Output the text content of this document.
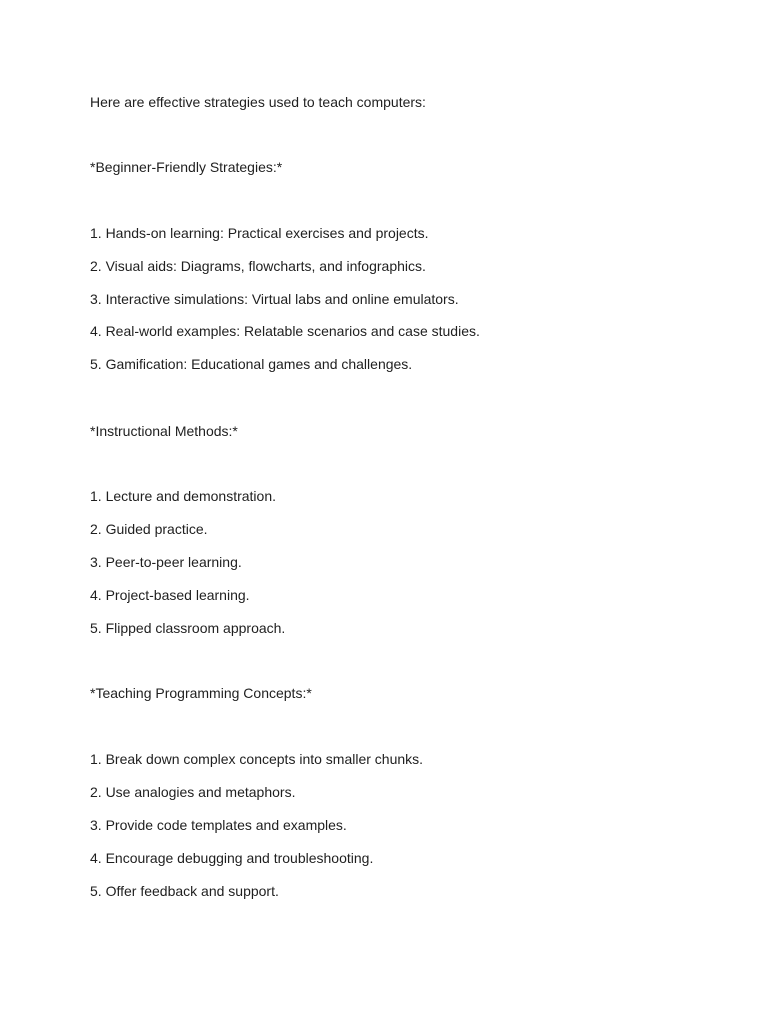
Here are effective strategies used to teach computers:
*Beginner-Friendly Strategies:*
1. Hands-on learning: Practical exercises and projects.
2. Visual aids: Diagrams, flowcharts, and infographics.
3. Interactive simulations: Virtual labs and online emulators.
4. Real-world examples: Relatable scenarios and case studies.
5. Gamification: Educational games and challenges.
*Instructional Methods:*
1. Lecture and demonstration.
2. Guided practice.
3. Peer-to-peer learning.
4. Project-based learning.
5. Flipped classroom approach.
*Teaching Programming Concepts:*
1. Break down complex concepts into smaller chunks.
2. Use analogies and metaphors.
3. Provide code templates and examples.
4. Encourage debugging and troubleshooting.
5. Offer feedback and support.
